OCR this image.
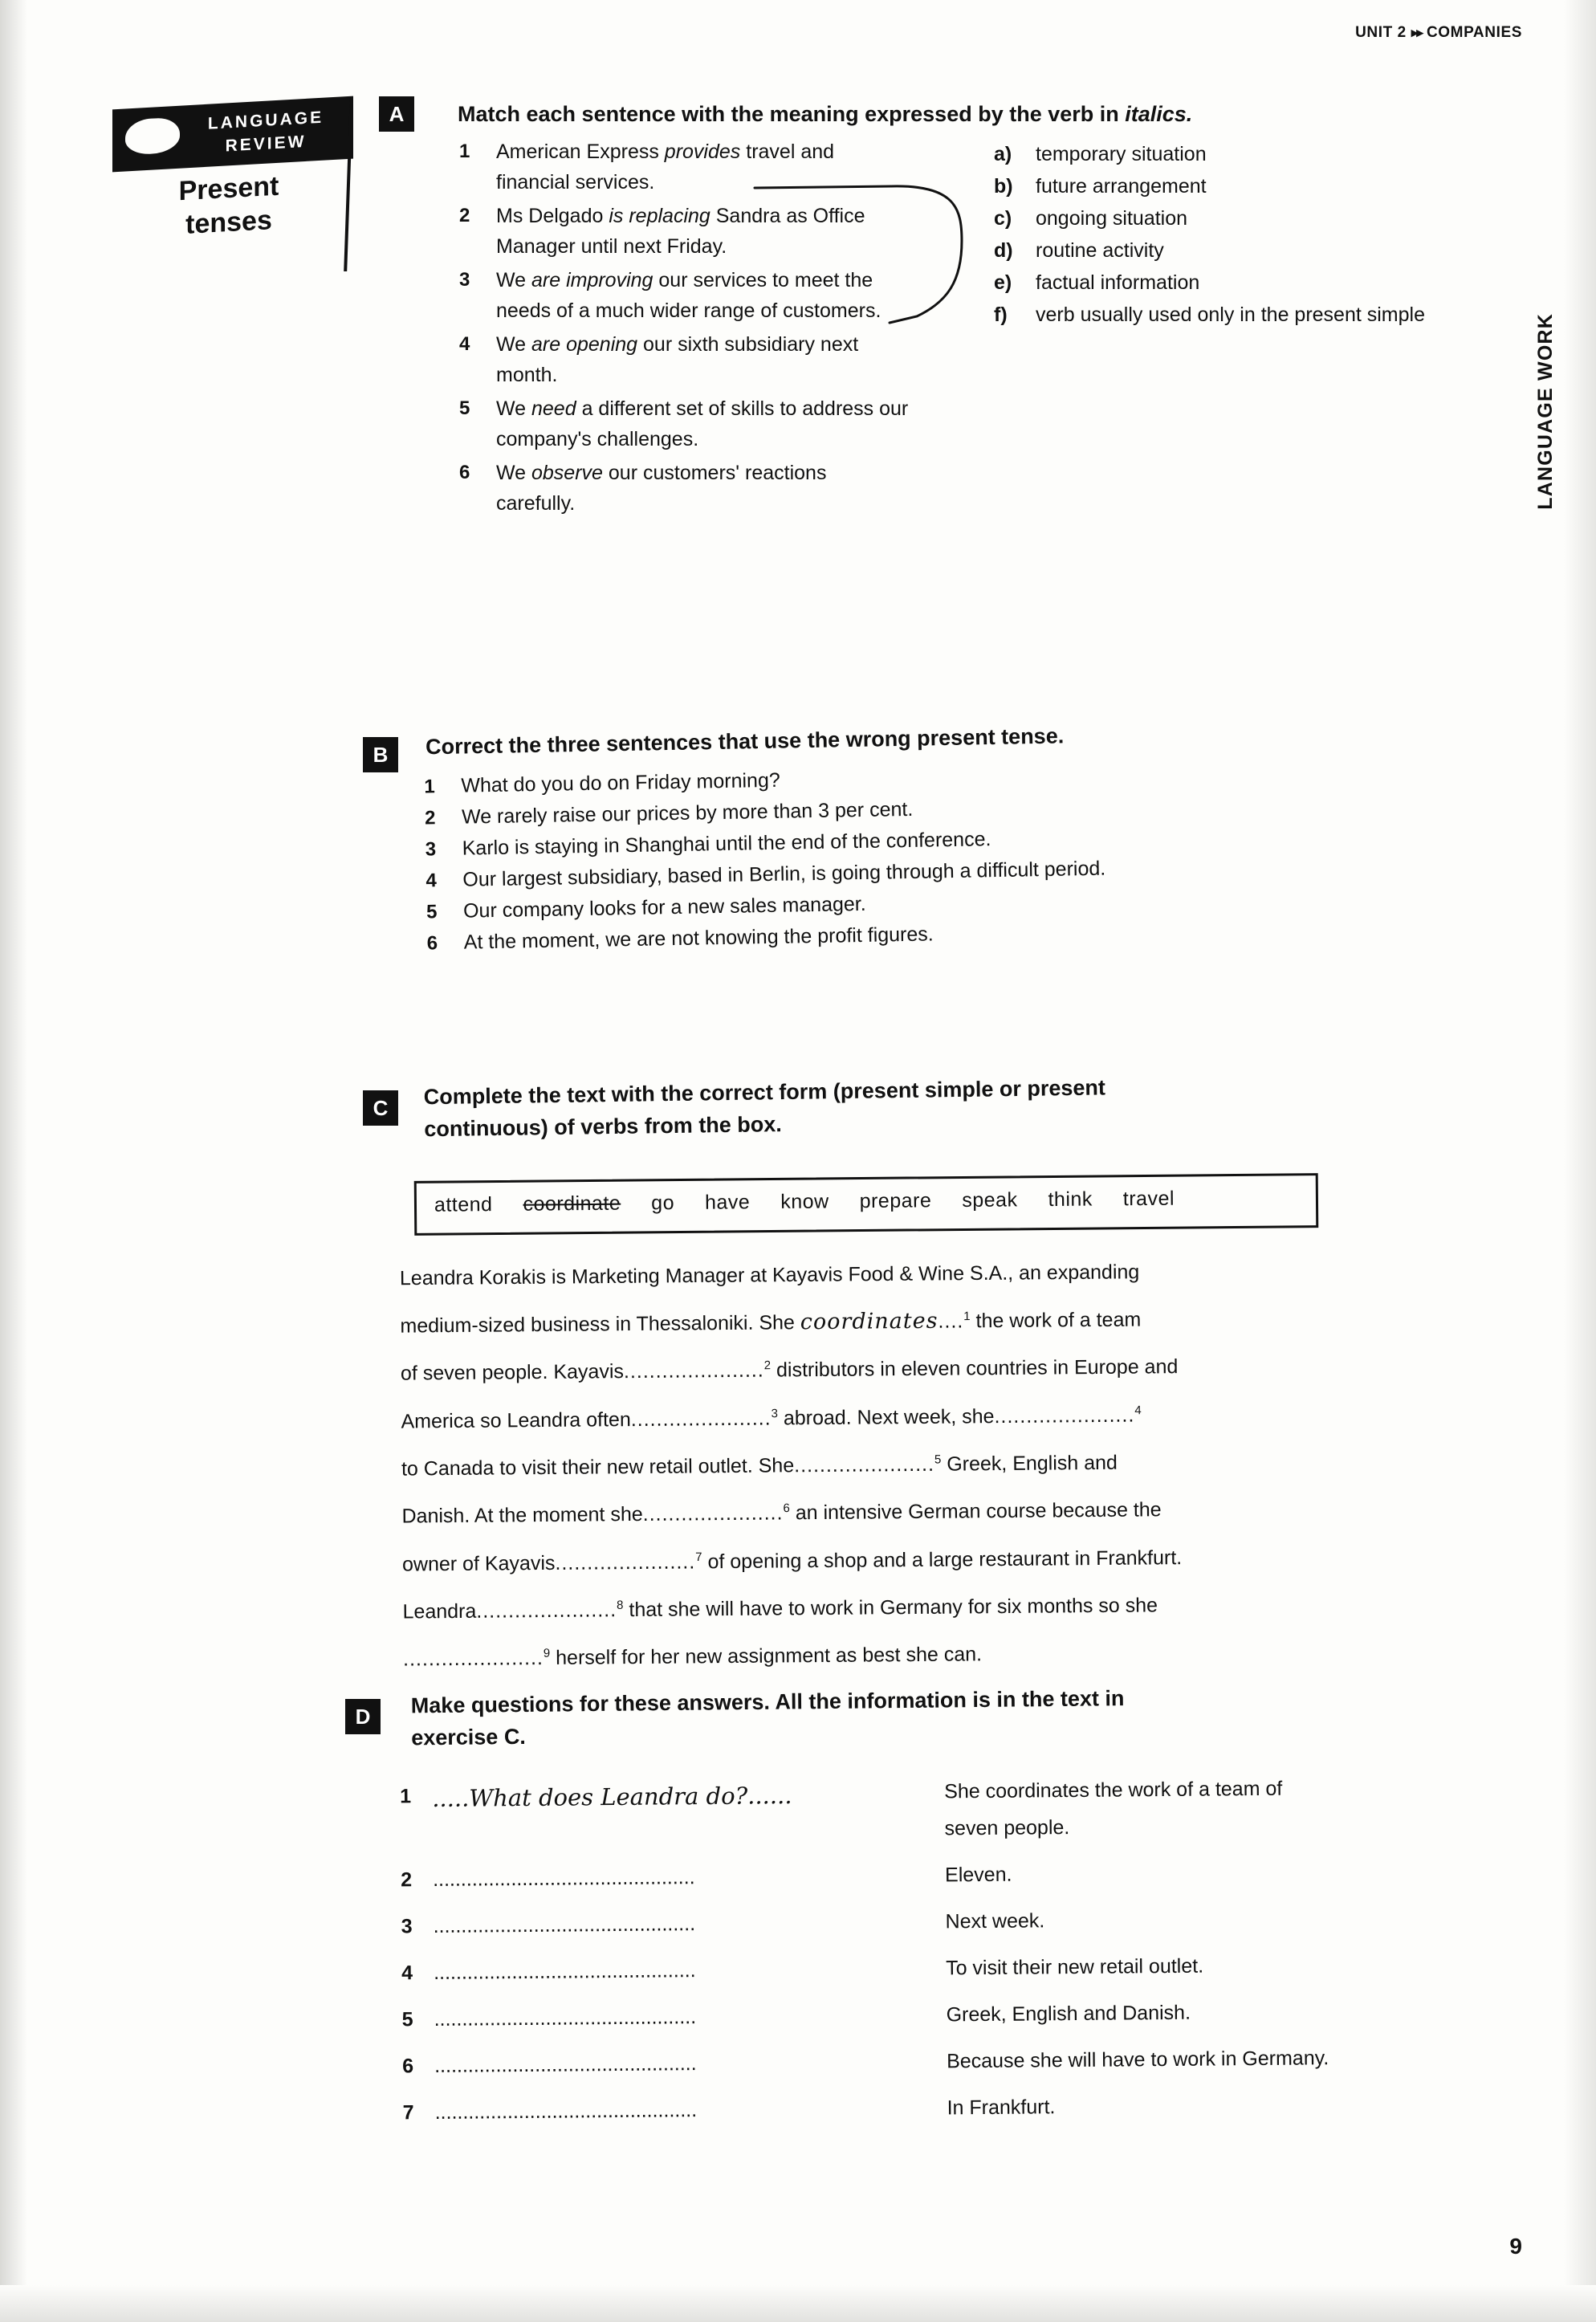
UNIT 2 ▸▸ COMPANIES
LANGUAGE WORK
LANGUAGE
REVIEW
Present
tenses
A	Match each sentence with the meaning expressed by the verb in italics.
1 American Express provides travel and financial services.
2 Ms Delgado is replacing Sandra as Office Manager until next Friday.
3 We are improving our services to meet the needs of a much wider range of customers.
4 We are opening our sixth subsidiary next month.
5 We need a different set of skills to address our company's challenges.
6 We observe our customers' reactions carefully.
a) temporary situation
b) future arrangement
c) ongoing situation
d) routine activity
e) factual information
f) verb usually used only in the present simple
B	Correct the three sentences that use the wrong present tense.
1 What do you do on Friday morning?
2 We rarely raise our prices by more than 3 per cent.
3 Karlo is staying in Shanghai until the end of the conference.
4 Our largest subsidiary, based in Berlin, is going through a difficult period.
5 Our company looks for a new sales manager.
6 At the moment, we are not knowing the profit figures.
C	Complete the text with the correct form (present simple or present
continuous) of verbs from the box.
attend coordinate go have know prepare speak think travel
Leandra Korakis is Marketing Manager at Kayavis Food & Wine S.A., an expanding
medium-sized business in Thessaloniki. She coordinates....$^1$ the work of a team
of seven people. Kayavis......................$^2$ distributors in eleven countries in Europe and
America so Leandra often......................$^3$ abroad. Next week, she......................$^4$
to Canada to visit their new retail outlet. She......................$^5$ Greek, English and
Danish. At the moment she......................$^6$ an intensive German course because the
owner of Kayavis......................$^7$ of opening a shop and a large restaurant in Frankfurt.
Leandra......................$^8$ that she will have to work in Germany for six months so she
......................$^9$ herself for her new assignment as best she can.
D	Make questions for these answers. All the information is in the text in
exercise C.
1 .....What does Leandra do?......	She coordinates the work of a team of
seven people.
2 ...............................................	Eleven.
3 ...............................................	Next week.
4 ...............................................	To visit their new retail outlet.
5 ...............................................	Greek, English and Danish.
6 ...............................................	Because she will have to work in Germany.
7 ...............................................	In Frankfurt.
9
